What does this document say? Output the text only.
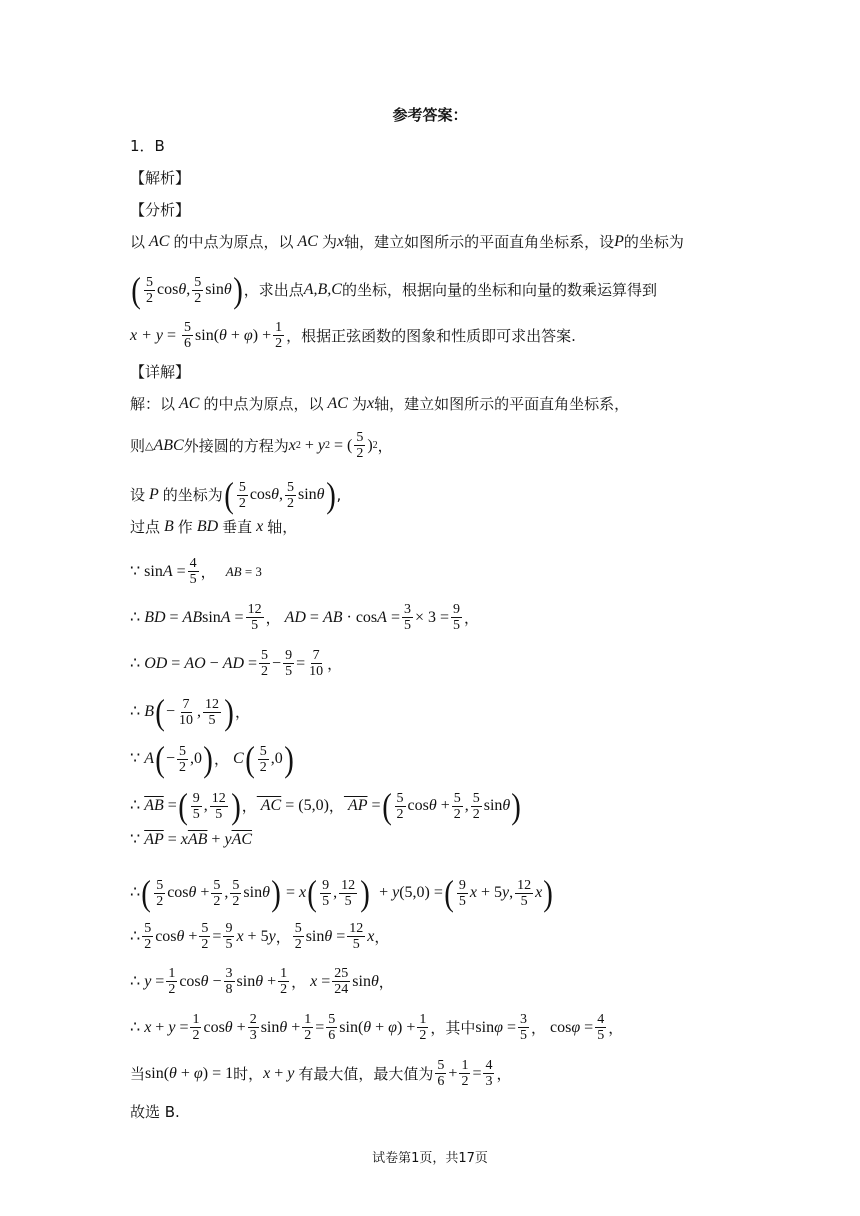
参考答案：
1．B
【解析】
【分析】
以 AC 的中点为原点，以 AC 为 x 轴，建立如图所示的平面直角坐标系，设 P 的坐标为
( $\frac{5}{2} \cos\theta$, $\frac{5}{2}$ sinθ ) ，求出点 A,B,C 的坐标，根据向量的坐标和向量的数乘运算得到
$x + y = \frac{5}{6} \sin(\theta + \varphi) + \frac{1}{2}$ ，根据正弦函数的图象和性质即可求出答案.
【详解】
解：以 AC 的中点为原点，以 AC 为 x 轴，建立如图所示的平面直角坐标系，
则 △ ABC 外接圆的方程为 x 2 + y 2 = ( $\frac{5}{2}$ ) 2 ，
设 P 的坐标为 ( $\frac{5}{2} \cos\theta$, $\frac{5}{2}$ sinθ ) ,
过点 B 作 BD 垂直 x 轴，
∵ $\sin A = \frac{4}{5}$ ， AB = 3
∴ BD = $ABsinA = \frac{12}{5}$ ， AD = AB · $\cos A = \frac{3}{5} \times 3 = \frac{9}{5}$ ，
∴ OD = AO − AD = $\frac{5}{2} - \frac{9}{5} = \frac{7}{10}$ ，
∴ B ( − $\frac{7}{10}$ , $\frac{12}{5}$ ) ，
∵ A ( − $\frac{5}{2} ,0$ ) ， C ( $\frac{5}{2} ,0$ )
∴ $\overline{AB}$ = ( $\frac{9}{5}$ , $\frac{12}{5}$ ) ， AC = (5,0) ， AP = ( $\frac{5}{2}$ $\cos\theta + \frac{5}{2}$ , $\frac{5}{2}$ sinθ )
∵ $\overline{AP} = x$ $\overline{AB} + y$ $\overline{AC}$
∴ ( $\frac{5}{2}$ $\cos\theta + \frac{5}{2}$ , $\frac{5}{2}$ sinθ ) = x ( $\frac{9}{5}$ , $\frac{12}{5}$ ) + y(5,0) = ( $\frac{9}{5}$ x + 5y, $\frac{12}{5}$ x )
∴ $\frac{5}{2}$ $\cos\theta + \frac{5}{2} = \frac{9}{5}$ x + 5y ， $\frac{5}{2}$ $\sin\theta = \frac{12}{5}$ x ，
∴ $y = \frac{1}{2}$ $\cos\theta - \frac{3}{8}$ $\sin\theta + \frac{1}{2}$ ， $x = \frac{25}{24}$ sinθ ，
∴ $x + y = \frac{1}{2}$ $\cos\theta + \frac{2}{3}$ $\sin\theta + \frac{1}{2} = \frac{5}{6} \sin(\theta + \varphi) + \frac{1}{2}$ ，其中 $\sin\varphi = \frac{3}{5}$ ， $\cos\varphi = \frac{4}{5}$ ，
当 sin(θ + φ) = 1 时， x + y 有最大值，最大值为 $\frac{5}{6} + \frac{1}{2} = \frac{4}{3}$ ，
故选 B.
试卷第1页，共17页
